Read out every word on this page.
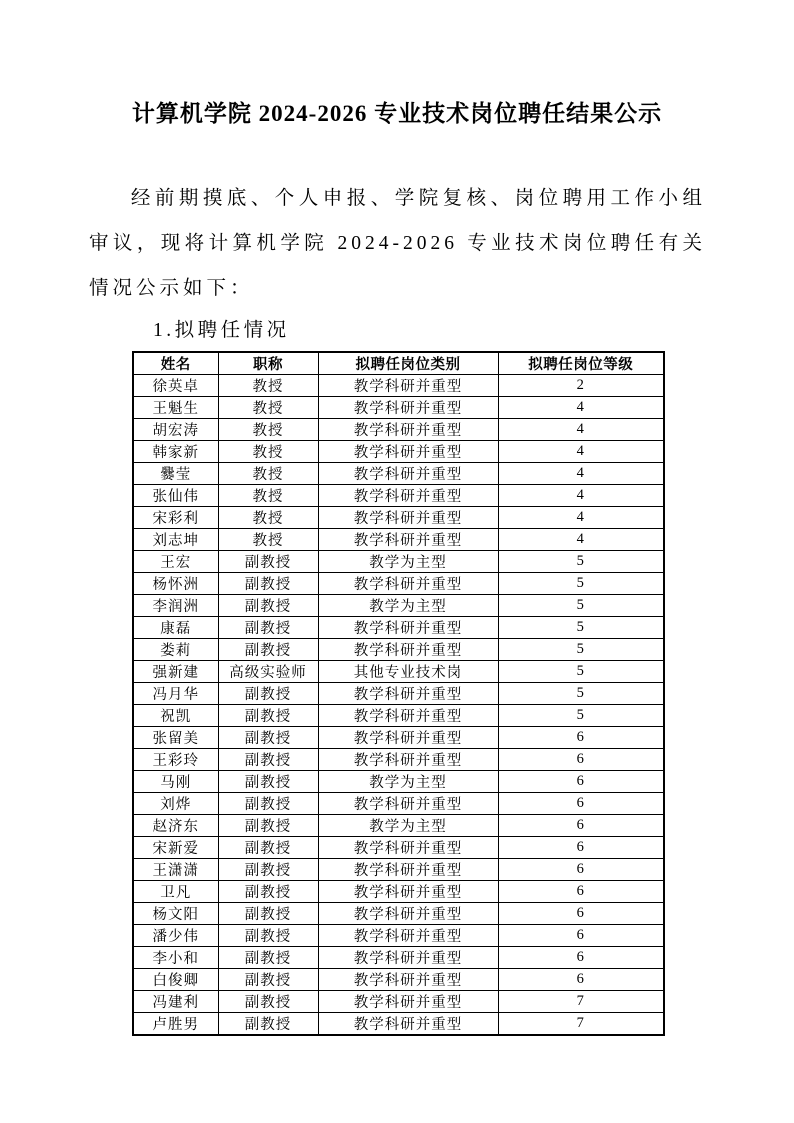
计算机学院 2024-2026 专业技术岗位聘任结果公示

经前期摸底、个人申报、学院复核、岗位聘用工作小组审议，现将计算机学院 2024-2026 专业技术岗位聘任有关情况公示如下：

1.拟聘任情况
姓名	职称	拟聘任岗位类别	拟聘任岗位等级
徐英卓	教授	教学科研并重型	2
王魁生	教授	教学科研并重型	4
胡宏涛	教授	教学科研并重型	4
韩家新	教授	教学科研并重型	4
爨莹	教授	教学科研并重型	4
张仙伟	教授	教学科研并重型	4
宋彩利	教授	教学科研并重型	4
刘志坤	教授	教学科研并重型	4
王宏	副教授	教学为主型	5
杨怀洲	副教授	教学科研并重型	5
李润洲	副教授	教学为主型	5
康磊	副教授	教学科研并重型	5
娄莉	副教授	教学科研并重型	5
强新建	高级实验师	其他专业技术岗	5
冯月华	副教授	教学科研并重型	5
祝凯	副教授	教学科研并重型	5
张留美	副教授	教学科研并重型	6
王彩玲	副教授	教学科研并重型	6
马刚	副教授	教学为主型	6
刘烨	副教授	教学科研并重型	6
赵济东	副教授	教学为主型	6
宋新爱	副教授	教学科研并重型	6
王潇潇	副教授	教学科研并重型	6
卫凡	副教授	教学科研并重型	6
杨文阳	副教授	教学科研并重型	6
潘少伟	副教授	教学科研并重型	6
李小和	副教授	教学科研并重型	6
白俊卿	副教授	教学科研并重型	6
冯建利	副教授	教学科研并重型	7
卢胜男	副教授	教学科研并重型	7
